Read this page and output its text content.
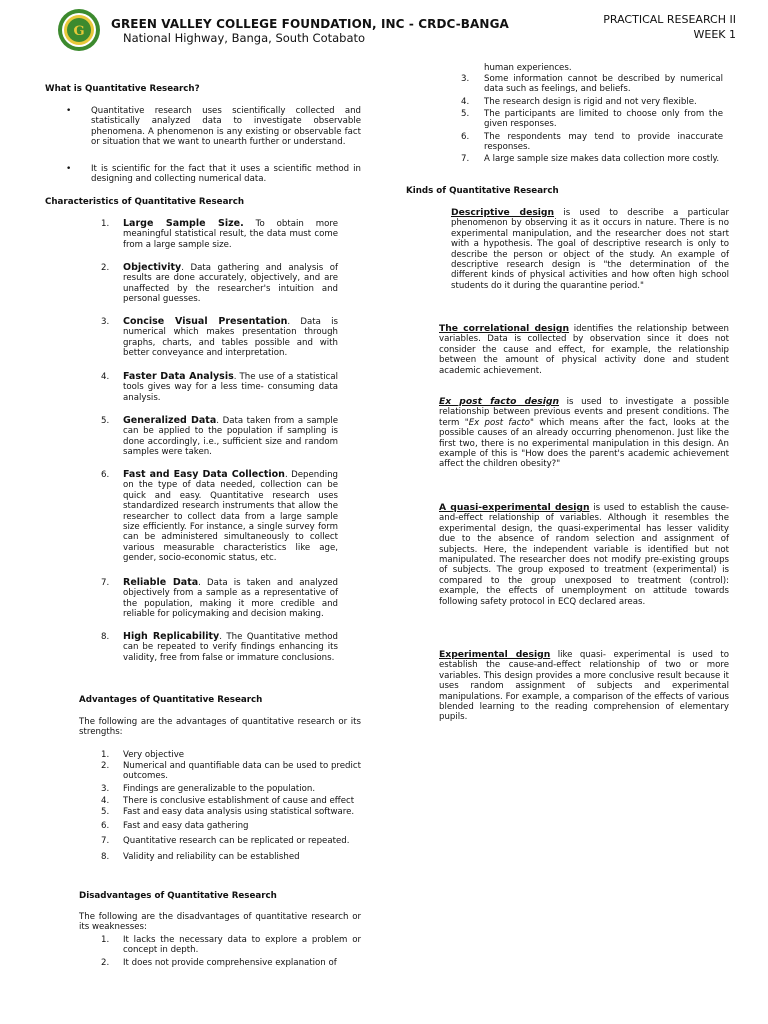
G GREEN VALLEY COLLEGE FOUNDATION, INC - CRDC-BANGA
National Highway, Banga, South Cotabato
PRACTICAL RESEARCH II
WEEK 1
What is Quantitative Research?
• Quantitative research uses scientifically collected and statistically analyzed data to investigate observable phenomena. A phenomenon is any existing or observable fact or situation that we want to unearth further or understand.
• It is scientific for the fact that it uses a scientific method in designing and collecting numerical data.
Characteristics of Quantitative Research
1. Large Sample Size. To obtain more meaningful statistical result, the data must come from a large sample size.
2. Objectivity. Data gathering and analysis of results are done accurately, objectively, and are unaffected by the researcher's intuition and personal guesses.
3. Concise Visual Presentation. Data is numerical which makes presentation through graphs, charts, and tables possible and with better conveyance and interpretation.
4. Faster Data Analysis. The use of a statistical tools gives way for a less time- consuming data analysis.
5. Generalized Data. Data taken from a sample can be applied to the population if sampling is done accordingly, i.e., sufficient size and random samples were taken.
6. Fast and Easy Data Collection. Depending on the type of data needed, collection can be quick and easy. Quantitative research uses standardized research instruments that allow the researcher to collect data from a large sample size efficiently. For instance, a single survey form can be administered simultaneously to collect various measurable characteristics like age, gender, socio-economic status, etc.
7. Reliable Data. Data is taken and analyzed objectively from a sample as a representative of the population, making it more credible and reliable for policymaking and decision making.
8. High Replicability. The Quantitative method can be repeated to verify findings enhancing its validity, free from false or immature conclusions.
Advantages of Quantitative Research
The following are the advantages of quantitative research or its strengths:
1. Very objective
2. Numerical and quantifiable data can be used to predict outcomes.
3. Findings are generalizable to the population.
4. There is conclusive establishment of cause and effect
5. Fast and easy data analysis using statistical software.
6. Fast and easy data gathering
7. Quantitative research can be replicated or repeated.
8. Validity and reliability can be established
Disadvantages of Quantitative Research
The following are the disadvantages of quantitative research or its weaknesses:
1. It lacks the necessary data to explore a problem or concept in depth.
2. It does not provide comprehensive explanation of
human experiences.
3. Some information cannot be described by numerical data such as feelings, and beliefs.
4. The research design is rigid and not very flexible.
5. The participants are limited to choose only from the given responses.
6. The respondents may tend to provide inaccurate responses.
7. A large sample size makes data collection more costly.
Kinds of Quantitative Research
Descriptive design is used to describe a particular phenomenon by observing it as it occurs in nature. There is no experimental manipulation, and the researcher does not start with a hypothesis. The goal of descriptive research is only to describe the person or object of the study. An example of descriptive research design is "the determination of the different kinds of physical activities and how often high school students do it during the quarantine period."
The correlational design identifies the relationship between variables. Data is collected by observation since it does not consider the cause and effect, for example, the relationship between the amount of physical activity done and student academic achievement.
Ex post facto design is used to investigate a possible relationship between previous events and present conditions. The term "Ex post facto" which means after the fact, looks at the possible causes of an already occurring phenomenon. Just like the first two, there is no experimental manipulation in this design. An example of this is "How does the parent's academic achievement affect the children obesity?"
A quasi-experimental design is used to establish the cause-and-effect relationship of variables. Although it resembles the experimental design, the quasi-experimental has lesser validity due to the absence of random selection and assignment of subjects. Here, the independent variable is identified but not manipulated. The researcher does not modify pre-existing groups of subjects. The group exposed to treatment (experimental) is compared to the group unexposed to treatment (control): example, the effects of unemployment on attitude towards following safety protocol in ECQ declared areas.
Experimental design like quasi- experimental is used to establish the cause-and-effect relationship of two or more variables. This design provides a more conclusive result because it uses random assignment of subjects and experimental manipulations. For example, a comparison of the effects of various blended learning to the reading comprehension of elementary pupils.
